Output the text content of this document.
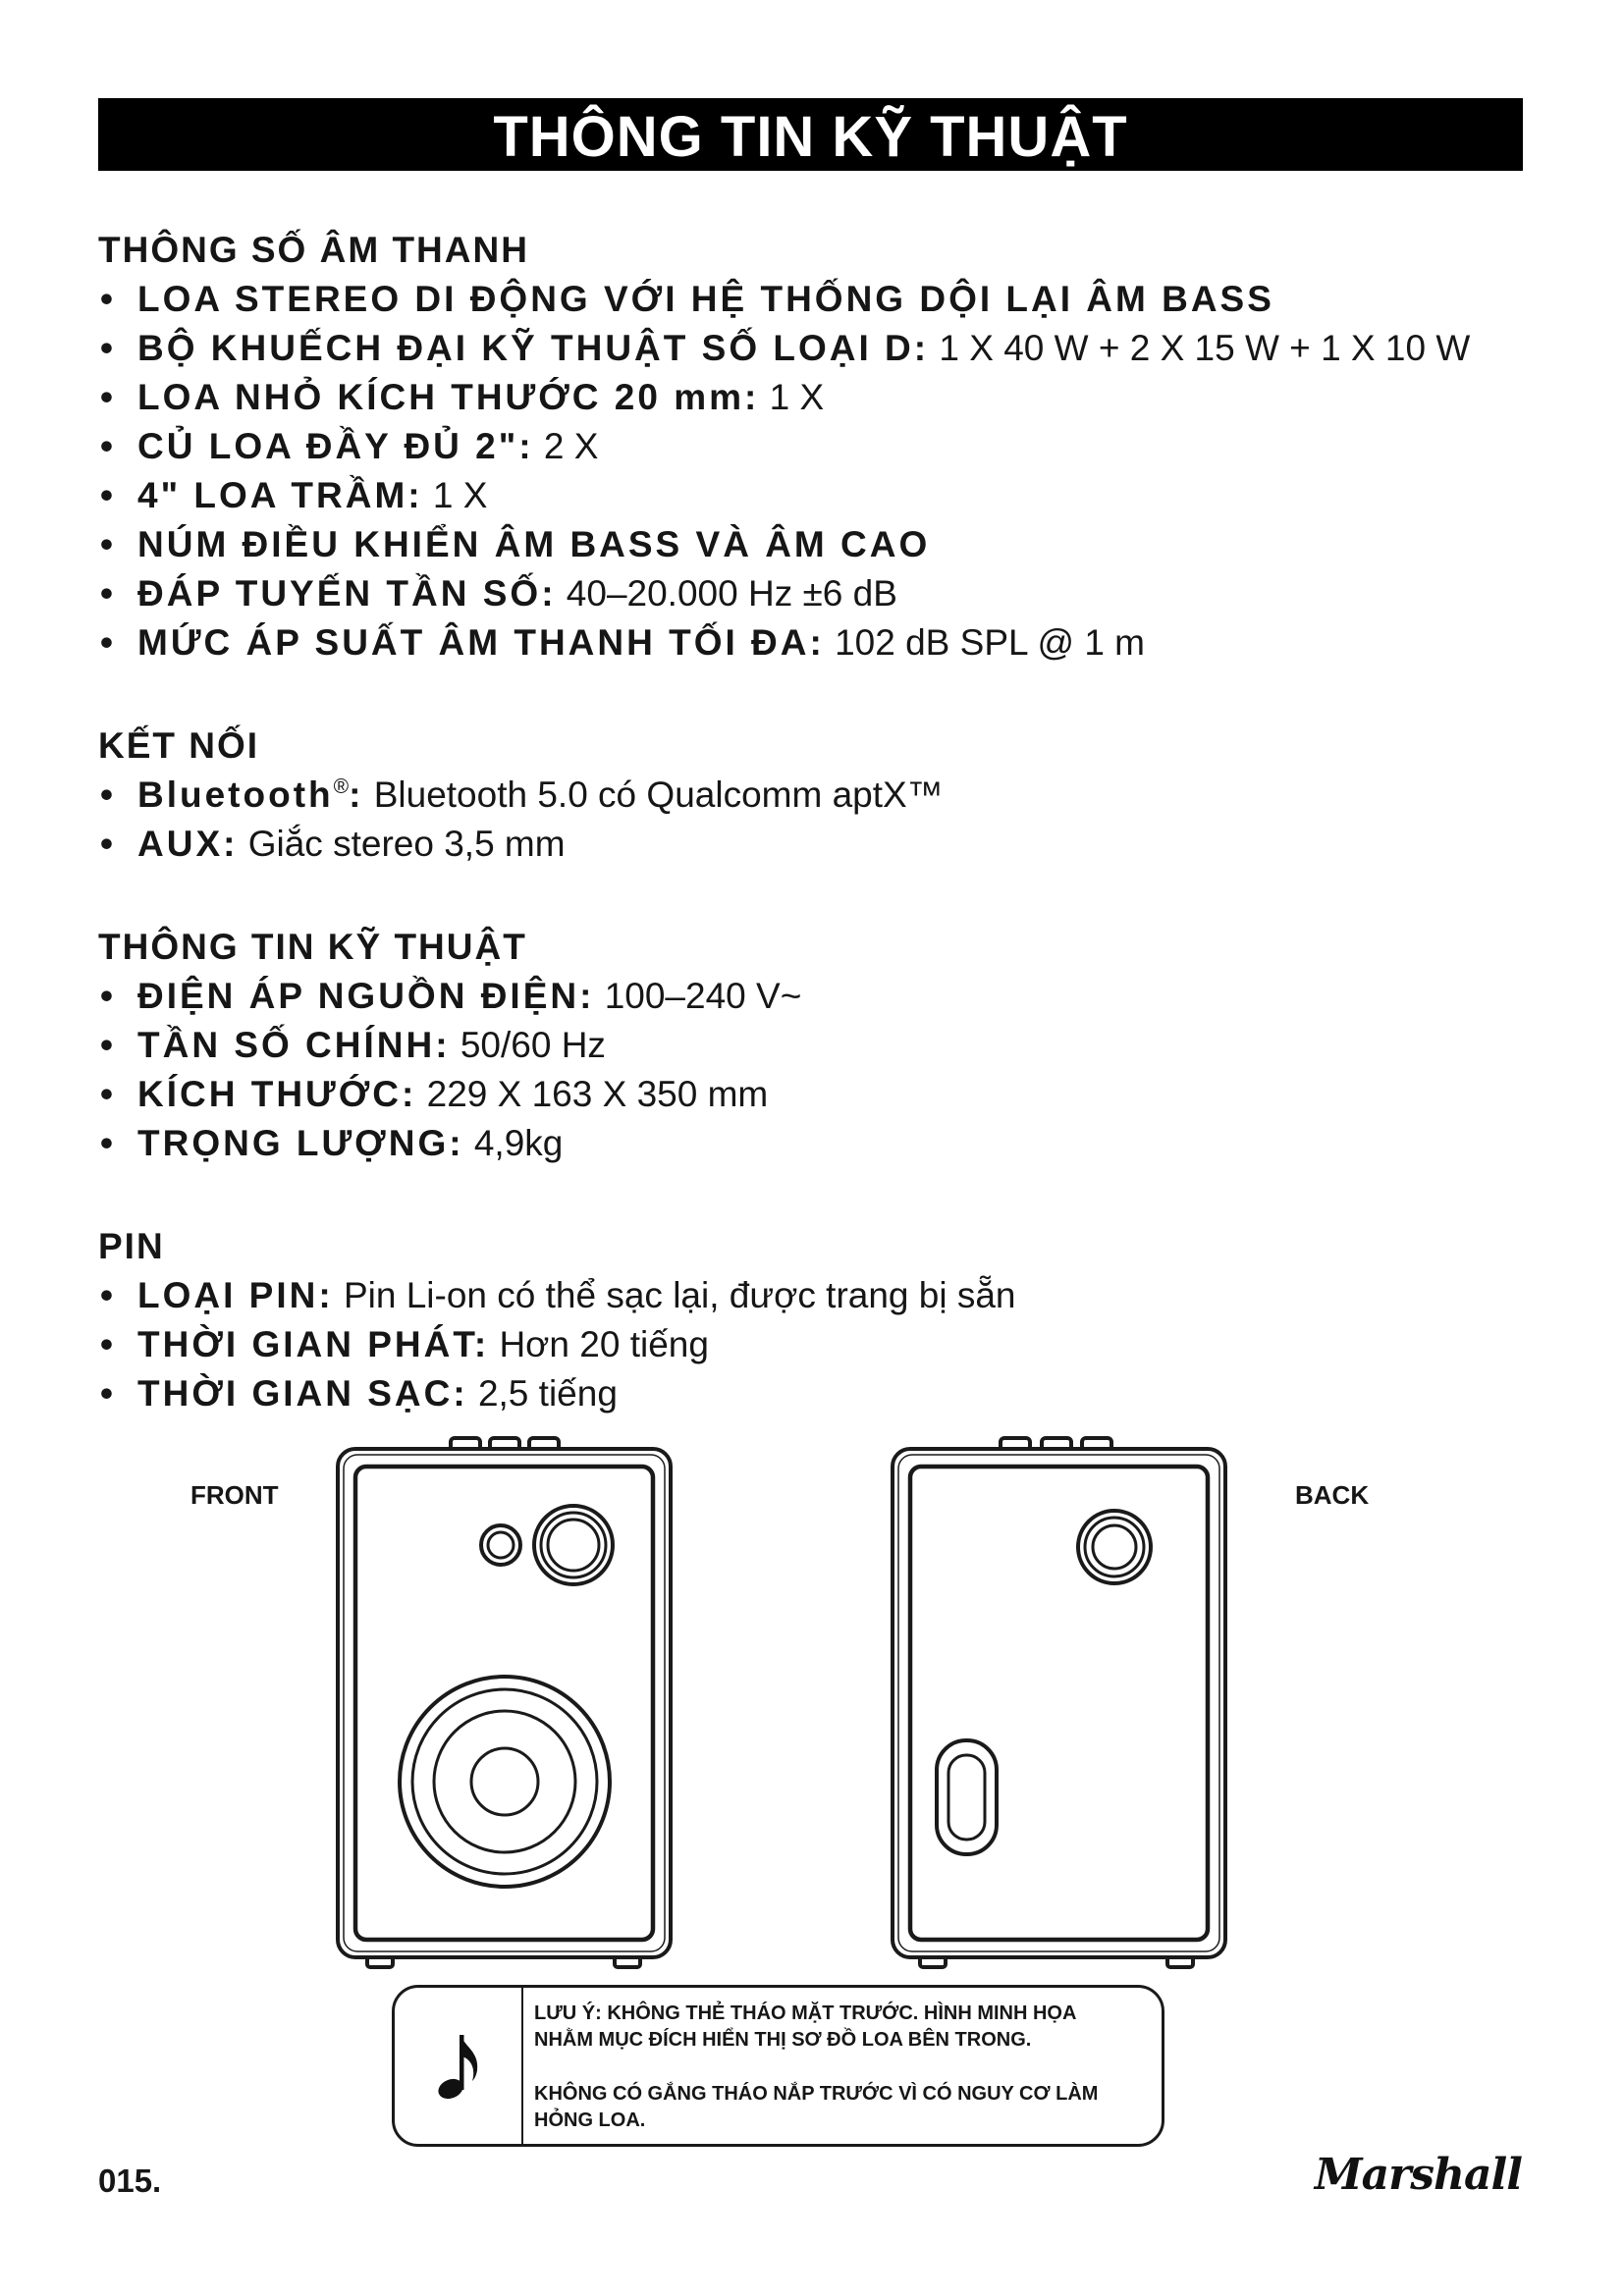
THÔNG TIN KỸ THUẬT
THÔNG SỐ ÂM THANH
• LOA STEREO DI ĐỘNG VỚI HỆ THỐNG DỘI LẠI ÂM BASS
• BỘ KHUẾCH ĐẠI KỸ THUẬT SỐ LOẠI D: 1 X 40 W + 2 X 15 W + 1 X 10 W
• LOA NHỎ KÍCH THƯỚC 20 mm: 1 X
• CỦ LOA ĐẦY ĐỦ 2": 2 X
• 4" LOA TRẦM: 1 X
• NÚM ĐIỀU KHIỂN ÂM BASS VÀ ÂM CAO
• ĐÁP TUYẾN TẦN SỐ: 40–20.000 Hz ±6 dB
• MỨC ÁP SUẤT ÂM THANH TỐI ĐA: 102 dB SPL @ 1 m
KẾT NỐI
• Bluetooth®: Bluetooth 5.0 có Qualcomm aptX™
• AUX: Giắc stereo 3,5 mm
THÔNG TIN KỸ THUẬT
• ĐIỆN ÁP NGUỒN ĐIỆN: 100–240 V~
• TẦN SỐ CHÍNH: 50/60 Hz
• KÍCH THƯỚC: 229 X 163 X 350 mm
• TRỌNG LƯỢNG: 4,9kg
PIN
• LOẠI PIN: Pin Li-on có thể sạc lại, được trang bị sẵn
• THỜI GIAN PHÁT: Hơn 20 tiếng
• THỜI GIAN SẠC: 2,5 tiếng
FRONT	BACK

LƯU Ý: KHÔNG THẺ THÁO MẶT TRƯỚC. HÌNH MINH HỌA
NHẰM MỤC ĐÍCH HIỂN THỊ SƠ ĐỒ LOA BÊN TRONG.

KHÔNG CÓ GẮNG THÁO NẮP TRƯỚC VÌ CÓ NGUY CƠ LÀM
HỎNG LOA.

015.	Marshall
